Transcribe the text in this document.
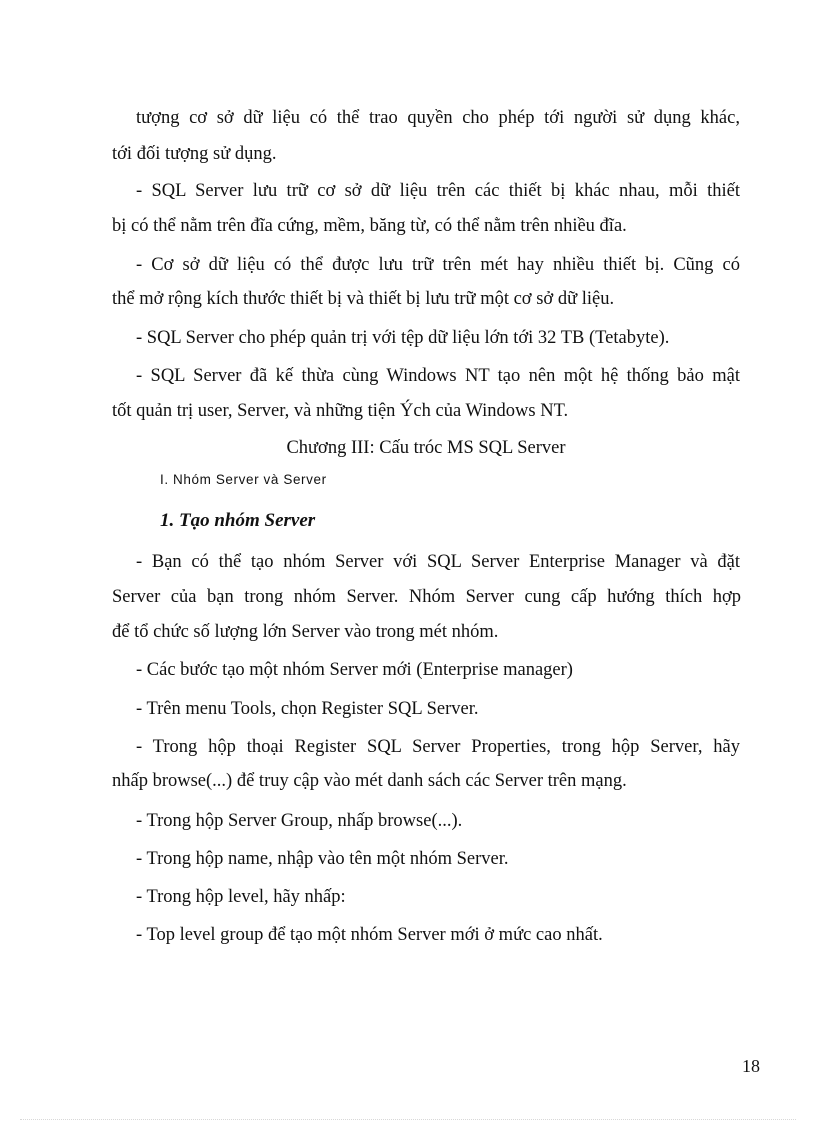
tượng cơ sở dữ liệu có thể trao quyền cho phép tới người sử dụng khác,
tới đối tượng sử dụng.
- SQL Server lưu trữ cơ sở dữ liệu trên các thiết bị khác nhau, mỗi thiết
bị có thể nằm trên đĩa cứng, mềm, băng từ, có thể nằm trên nhiều đĩa.
- Cơ sở dữ liệu có thể được lưu trữ trên mét hay nhiều thiết bị. Cũng có
thể mở rộng kích thước thiết bị và thiết bị lưu trữ một cơ sở dữ liệu.
- SQL Server cho phép quản trị với tệp dữ liệu lớn tới 32 TB (Tetabyte).
- SQL Server đã kế thừa cùng Windows NT tạo nên một hệ thống bảo mật
tốt quản trị user, Server, và những tiện Ých của Windows NT.
Chương III: Cấu tróc MS SQL Server
I. Nhóm Server và Server
1. Tạo nhóm Server
- Bạn có thể tạo nhóm Server với SQL Server Enterprise Manager và đặt
Server của bạn trong nhóm Server. Nhóm Server cung cấp hướng thích hợp
để tổ chức số lượng lớn Server vào trong mét nhóm.
- Các bước tạo một nhóm Server mới (Enterprise manager)
- Trên menu Tools, chọn Register SQL Server.
- Trong hộp thoại Register SQL Server Properties, trong hộp Server, hãy
nhấp browse(...) để truy cập vào mét danh sách các Server trên mạng.
- Trong hộp Server Group, nhấp browse(...).
- Trong hộp name, nhập vào tên một nhóm Server.
- Trong hộp level, hãy nhấp:
- Top level group để tạo một nhóm Server mới ở mức cao nhất.
18
